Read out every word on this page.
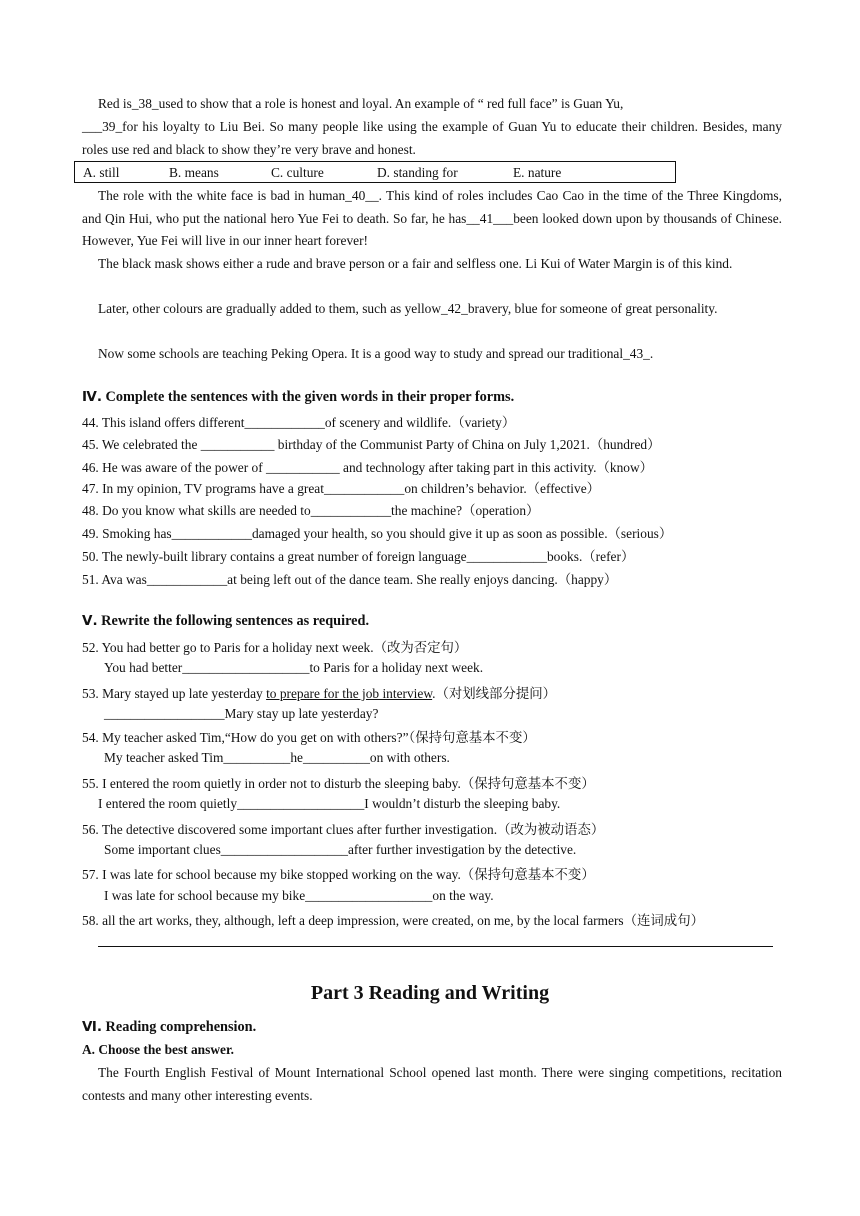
Red is_38_used to show that a role is honest and loyal. An example of “ red full face” is Guan Yu,

___39_for his loyalty to Liu Bei. So many people like using the example of Guan Yu to educate their children. Besides, many roles use red and black to show they’re very brave and honest.

A. still	B. means	C. culture	D. standing for	E. nature

The role with the white face is bad in human_40__. This kind of roles includes Cao Cao in the time of the Three Kingdoms, and Qin Hui, who put the national hero Yue Fei to death. So far, he has__41___been looked down upon by thousands of Chinese. However, Yue Fei will live in our inner heart forever!

The black mask shows either a rude and brave person or a fair and selfless one. Li Kui of Water Margin is of this kind.

Later, other colours are gradually added to them, such as yellow_42_bravery, blue for someone of great personality.

Now some schools are teaching Peking Opera. It is a good way to study and spread our traditional_43_.

Ⅳ. Complete the sentences with the given words in their proper forms.

44. This island offers different____________of scenery and wildlife.（variety）

45. We celebrated the ___________ birthday of the Communist Party of China on July 1,2021.（hundred）

46. He was aware of the power of ___________ and technology after taking part in this activity.（know）

47. In my opinion, TV programs have a great____________on children’s behavior.（effective）

48. Do you know what skills are needed to____________the machine?（operation）

49. Smoking has____________damaged your health, so you should give it up as soon as possible.（serious）

50. The newly-built library contains a great number of foreign language____________books.（refer）

51. Ava was____________at being left out of the dance team. She really enjoys dancing.（happy）

Ⅴ. Rewrite the following sentences as required.

52. You had better go to Paris for a holiday next week.（改为否定句）

You had better___________________to Paris for a holiday next week.

53. Mary stayed up late yesterday to prepare for the job interview.（对划线部分提问）

__________________Mary stay up late yesterday?

54. My teacher asked Tim,“How do you get on with others?”（保持句意基本不变）

My teacher asked Tim__________he__________on with others.

55. I entered the room quietly in order not to disturb the sleeping baby.（保持句意基本不变）

I entered the room quietly___________________I wouldn’t disturb the sleeping baby.

56. The detective discovered some important clues after further investigation.（改为被动语态）

Some important clues___________________after further investigation by the detective.

57. I was late for school because my bike stopped working on the way.（保持句意基本不变）

I was late for school because my bike___________________on the way.

58. all the art works, they, although, left a deep impression, were created, on me, by the local farmers（连词成句）

Part 3 Reading and Writing

Ⅵ. Reading comprehension.

A. Choose the best answer.

The Fourth English Festival of Mount International School opened last month. There were singing competitions, recitation contests and many other interesting events.
